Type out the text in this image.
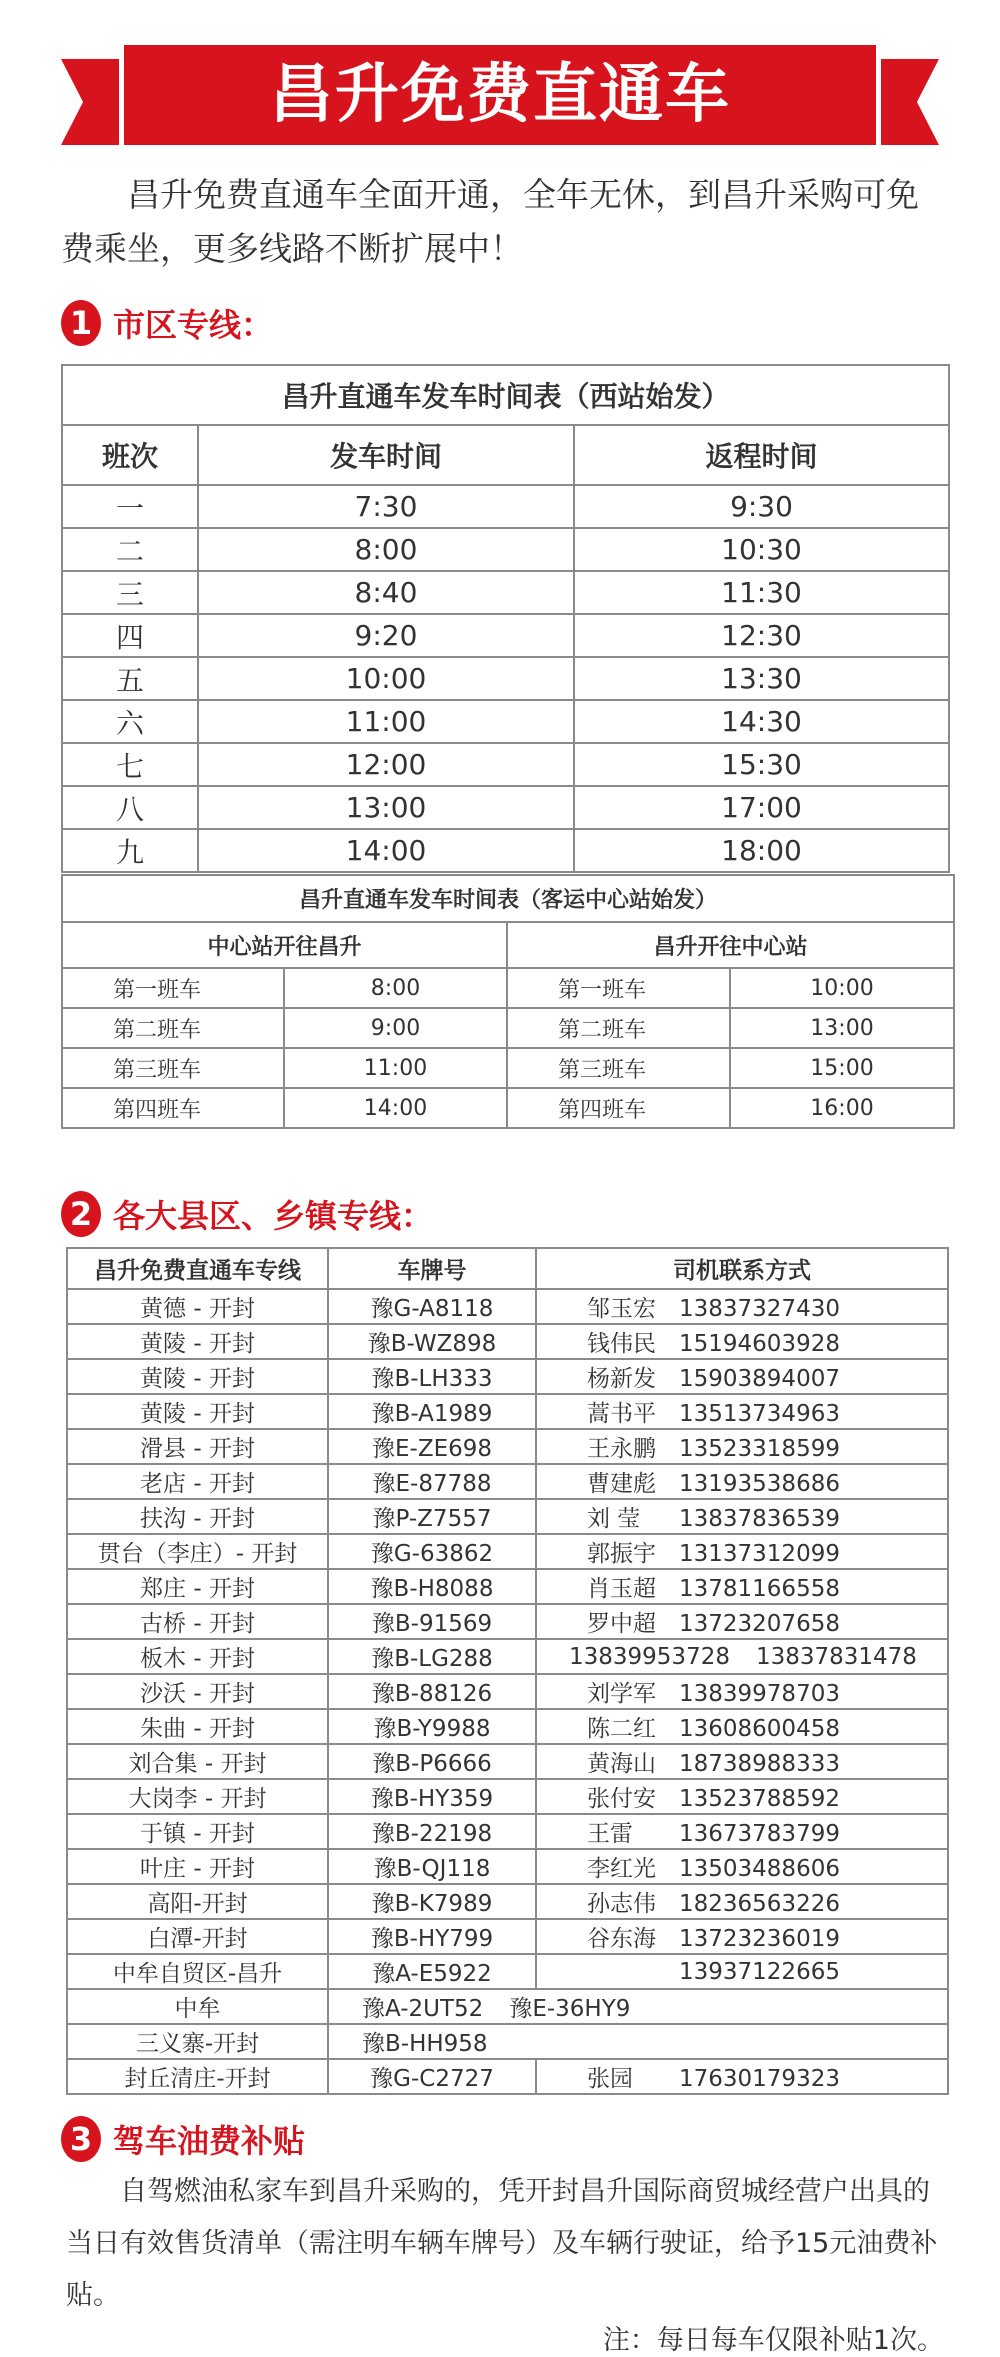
昌升免费直通车
昌升免费直通车全面开通，全年无休，到昌升采购可免费乘坐，更多线路不断扩展中！
1 市区专线：
昌升直通车发车时间表（西站始发）		
班次	发车时间	返程时间
一	7:30	9:30
二	8:00	10:30
三	8:40	11:30
四	9:20	12:30
五	10:00	13:30
六	11:00	14:30
七	12:00	15:30
八	13:00	17:00
九	14:00	18:00
昌升直通车发车时间表（客运中心站始发）			
中心站开往昌升		昌升开往中心站	
第一班车	8:00	第一班车	10:00
第二班车	9:00	第二班车	13:00
第三班车	11:00	第三班车	15:00
第四班车	14:00	第四班车	16:00
2 各大县区、乡镇专线：
昌升免费直通车专线	车牌号	司机联系方式
黄德 - 开封	豫G-A8118	邹玉宏 13837327430
黄陵 - 开封	豫B-WZ898	钱伟民 15194603928
黄陵 - 开封	豫B-LH333	杨新发 15903894007
黄陵 - 开封	豫B-A1989	蒿书平 13513734963
滑县 - 开封	豫E-ZE698	王永鹏 13523318599
老店 - 开封	豫E-87788	曹建彪 13193538686
扶沟 - 开封	豫P-Z7557	刘 莹 13837836539
贯台（李庄）- 开封	豫G-63862	郭振宇 13137312099
郑庄 - 开封	豫B-H8088	肖玉超 13781166558
古桥 - 开封	豫B-91569	罗中超 13723207658
板木 - 开封	豫B-LG288	13839953728 13837831478
沙沃 - 开封	豫B-88126	刘学军 13839978703
朱曲 - 开封	豫B-Y9988	陈二红 13608600458
刘合集 - 开封	豫B-P6666	黄海山 18738988333
大岗李 - 开封	豫B-HY359	张付安 13523788592
于镇 - 开封	豫B-22198	王雷 13673783799
叶庄 - 开封	豫B-QJ118	李红光 13503488606
高阳-开封	豫B-K7989	孙志伟 18236563226
白潭-开封	豫B-HY799	谷东海 13723236019
中牟自贸区-昌升	豫A-E5922	13937122665
中牟	豫A-2UT52 豫E-36HY9	
三义寨-开封	豫B-HH958	
封丘清庄-开封	豫G-C2727	张园 17630179323
3 驾车油费补贴
自驾燃油私家车到昌升采购的，凭开封昌升国际商贸城经营户出具的当日有效售货清单（需注明车辆车牌号）及车辆行驶证，给予15元油费补贴。
注：每日每车仅限补贴1次。
